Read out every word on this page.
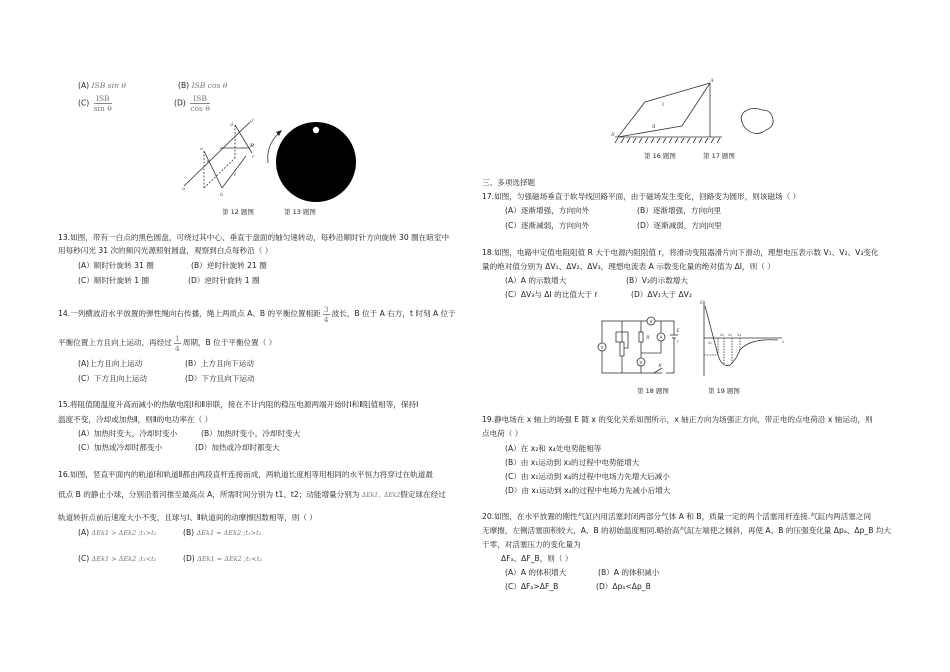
(A) ISB sin θ	(B) ISB cos θ
$(C) \frac{\text{ISB}}{\text{sin θ}}$	$(D) \frac{\text{ISB}}{\text{cos θ}}$
d
a'
a	B
c
θ
I
b
o
第 12 题图	第 13 题图
13.如图，带有一白点的黑色圆盘，可绕过其中心、垂直于盘面的轴匀速转动，每秒沿顺时针方向旋转 30 圈在暗室中
用每秒闪光 31 次的频闪光源照射圆盘，观察到白点每秒沿（ ）
(A）顺时针旋转 31 圈	(B）逆时针旋转 21 圈
(C）顺时针旋转 1 圈	(D）逆时针旋转 1 圈
14.一列横波沿水平放置的弹性绳向右传播，绳上两质点 A、B 的平衡位置相距 $\frac{3}{4}$ 波长，B 位于 A 右方，t 时刻 A 位于
平衡位置上方且向上运动，再经过 $\frac{1}{4}$ 周期，B 位于平衡位置（ ）
(A)上方且向上运动	(B）上方且向下运动
(C）下方且向上运动	(D）下方且向下运动
15.将阻值随温度升高而减小的热敏电阻Ⅰ和Ⅱ串联，接在不计内阻的稳压电源两端开始时Ⅰ和Ⅱ阻值相等，保持Ⅰ
温度不变，冷却或加热Ⅱ，则Ⅱ的电功率在（ ）
(A）加热时变大，冷却时变小	(B）加热时变小，冷却时变大
(C）加热或冷却时都变小	(D）加热或冷却时都变大
16.如图，竖直平面内的轨道Ⅰ和轨道Ⅱ都由两段直杆连接而成，两轨道长度相等用相同的水平恒力将穿过在轨道最
低点 B 的静止小球，分别沿着河推至最高点 A，所需时间分别为 t1、t2；动能增量分别为 ΔEk1、ΔEk2假定球在经过
轨道转折点前后速度大小不变，且球与Ⅰ、Ⅱ轨道间的动摩擦因数相等，则（ ）
(A) ΔEk1 > ΔEk2 ;t₁>t₂	(B) ΔEk1 = ΔEk2 ;t₁>t₂
(C) ΔEk1 > ΔEk2 ;t₁<t₂	(D) ΔEk1 = ΔEk2 ;t₁<t₂
A
B
Ⅰ
Ⅱ
第 16 题图	第 17 题图
三、多项选择题
17.如图，匀强磁场垂直于软导线回路平面，由于磁场发生变化，回路变为圆形，则该磁场（ ）
(A）逐渐增强，方向向外	(B）逐渐增强，方向向里
(C）逐渐减弱，方向向外	(D）逐渐减弱，方向向里
18.如图，电路中定值电阻阻值 R 大于电源内阻阻值 r，将滑动变阻器滑片向下滑动，理想电压表示数 V₁、V₂、V₃变化
量的绝对值分别为 ΔV₁、ΔV₂、ΔV₃，理想电流表 A 示数变化量的绝对值为 ΔI，则（ ）
(A）A 的示数增大	(B）V₂的示数增大
(C）ΔV₃与 ΔI 的比值大于 r	(D）ΔV₁大于 ΔV₂
V
V
A
V
R
E
r
K
E
x
x₁
x₂ x₃ x₄
第 18 题图	第 19 题图
19.静电场在 x 轴上的场强 E 随 x 的变化关系如图所示，x 轴正方向为场强正方向，带正电的点电荷沿 x 轴运动，则
点电荷（ ）
(A）在 x₂和 x₄处电势能相等
(B）由 x₁运动到 x₃的过程中电势能增大
(C）由 x₁运动到 x₄的过程中电场力先增大后减小
(D）由 x₁运动到 x₄的过程中电场力先减小后增大
20.如图，在水平放置的刚性气缸内用活塞封闭两部分气体 A 和 B，质量一定的两个活塞用杆连接.气缸内两活塞之间
无摩擦，左侧活塞面积较大，A、B 的初始温度相同.略抬高气缸左端使之倾斜，再使 A、B 的压强变化量 Δpₐ、Δp_B 均大
于零，对活塞压力的变化量为
ΔFₐ、ΔF_B，则（ ）
(A）A 的体积增大	(B）A 的体积减小
(C）ΔFₐ>ΔF_B	(D）Δpₐ<Δp_B
